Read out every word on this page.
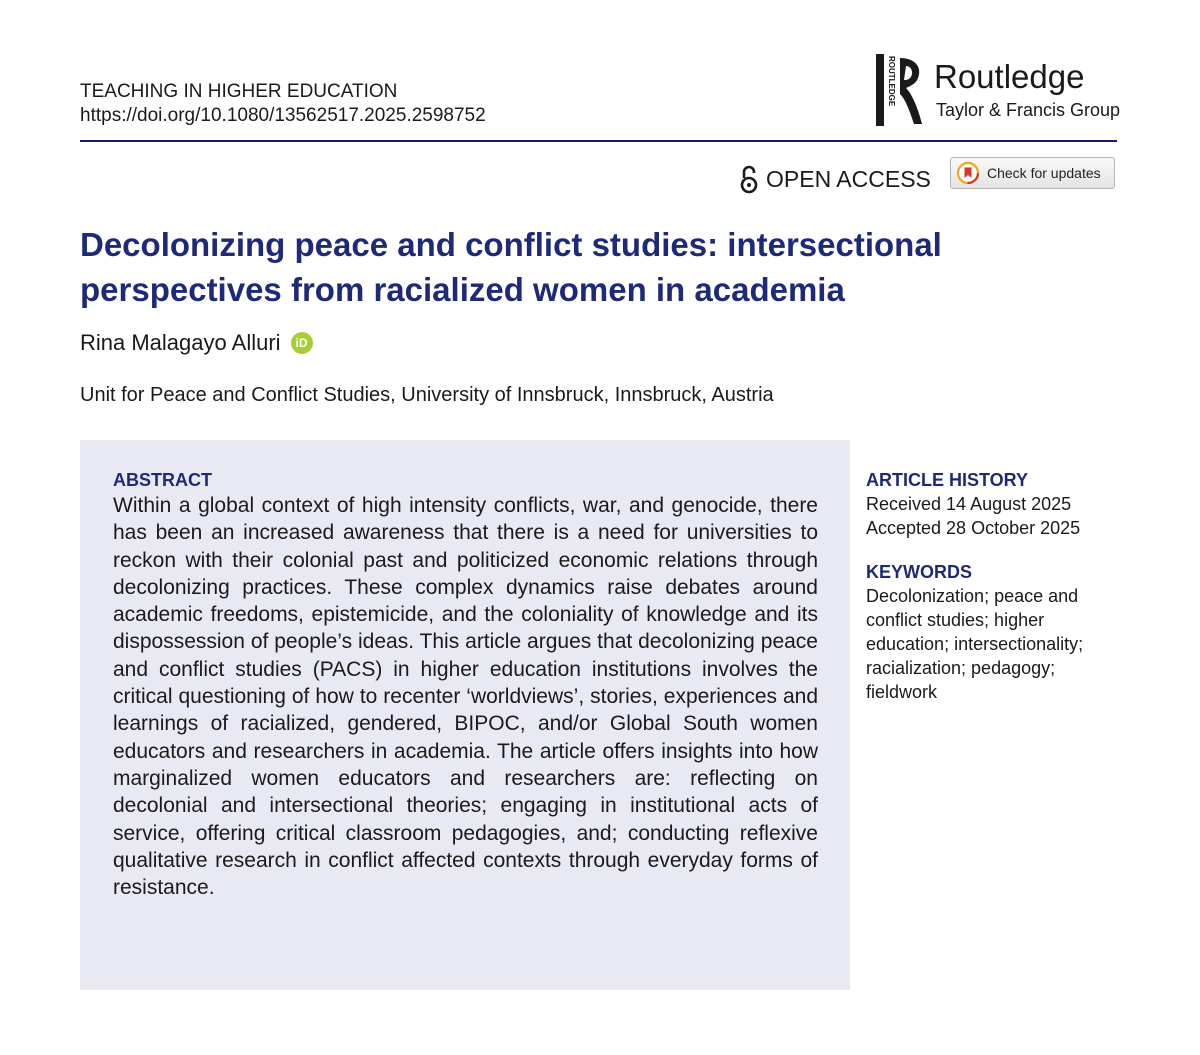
TEACHING IN HIGHER EDUCATION
https://doi.org/10.1080/13562517.2025.2598752
ROUTLEDGE Routledge
Taylor & Francis Group
OPEN ACCESS	Check for updates
Decolonizing peace and conflict studies: intersectional perspectives from racialized women in academia
Rina Malagayo Alluri	iD
Unit for Peace and Conflict Studies, University of Innsbruck, Innsbruck, Austria
ABSTRACT

Within a global context of high intensity conflicts, war, and genocide, there has been an increased awareness that there is a need for universities to reckon with their colonial past and politicized economic relations through decolonizing practices. These complex dynamics raise debates around academic freedoms, epistemicide, and the coloniality of knowledge and its dispossession of people’s ideas. This article argues that decolonizing peace and conflict studies (PACS) in higher education institutions involves the critical questioning of how to recenter ‘worldviews’, stories, experiences and learnings of racialized, gendered, BIPOC, and/or Global South women educators and researchers in academia. The article offers insights into how marginalized women educators and researchers are: reflecting on decolonial and intersectional theories; engaging in institutional acts of service, offering critical classroom pedagogies, and; conducting reflexive qualitative research in conflict affected contexts through everyday forms of resistance.

ARTICLE HISTORY
Received 14 August 2025
Accepted 28 October 2025
KEYWORDS

Decolonization; peace and conflict studies; higher education; intersectionality; racialization; pedagogy; fieldwork
